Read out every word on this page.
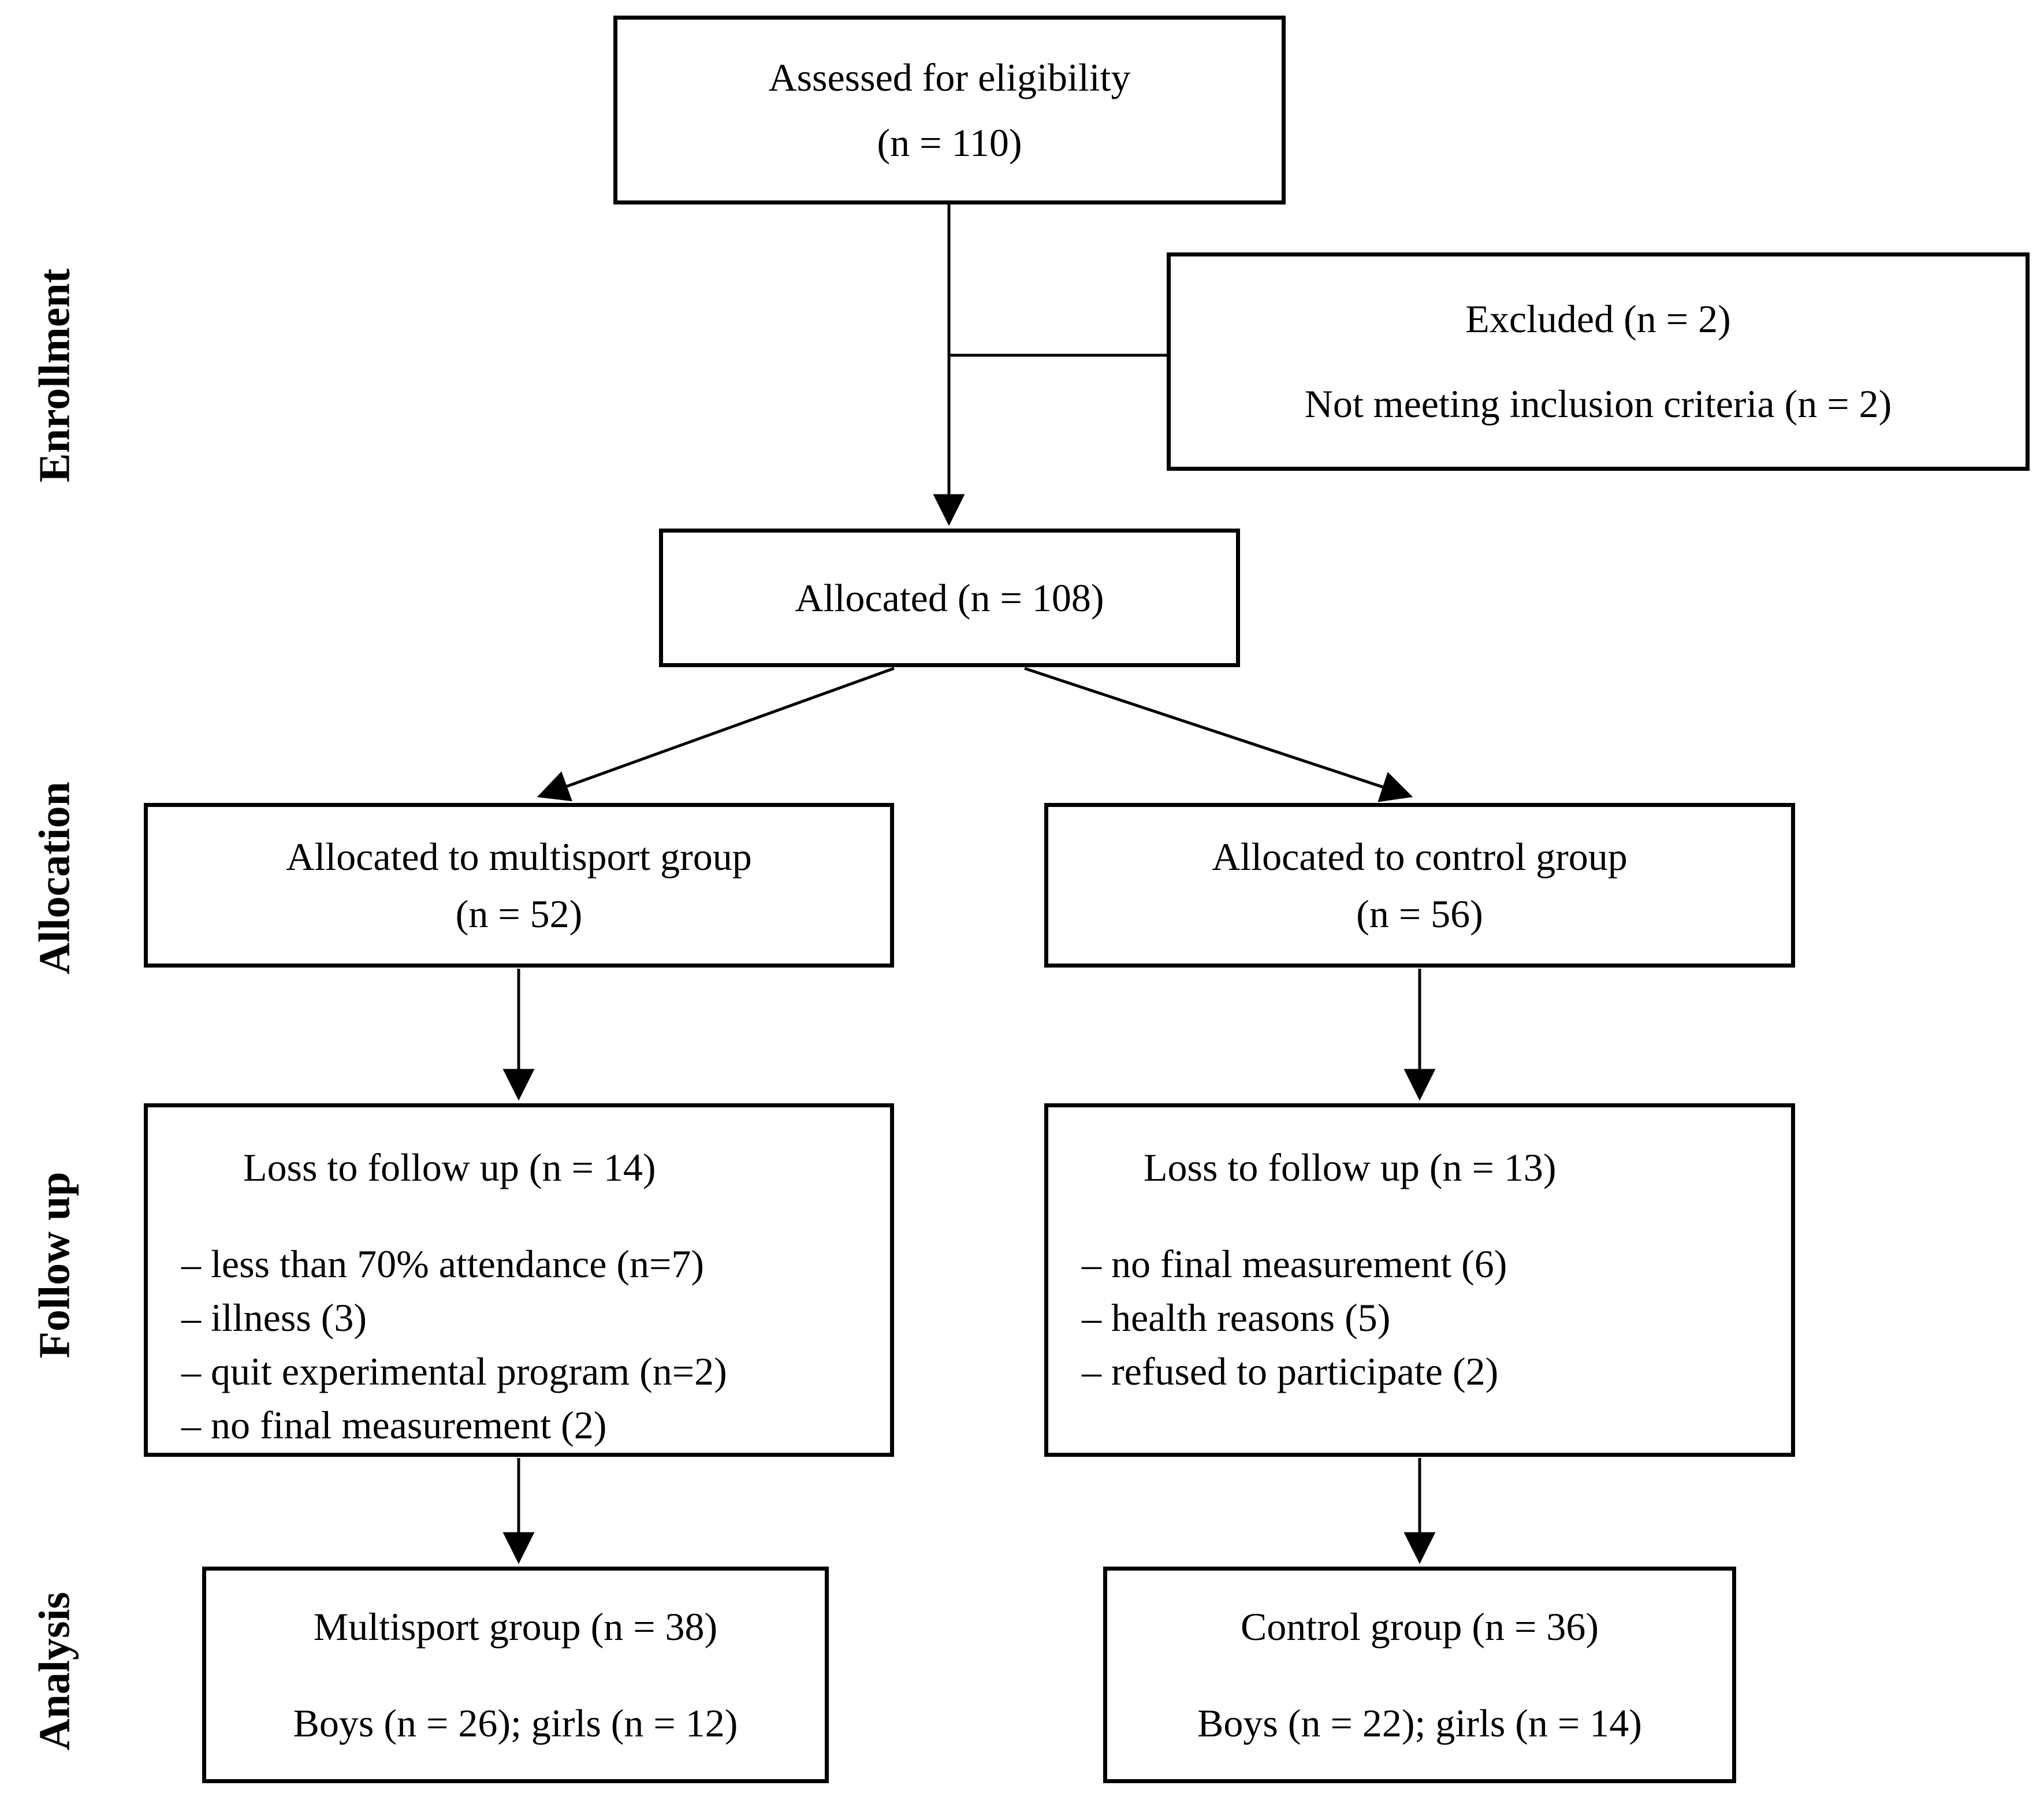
Enrollment
Allocation
Follow up
Analysis
Assessed for eligibility
(n = 110)
Excluded (n = 2)
Not meeting inclusion criteria (n = 2)
Allocated (n = 108)
Allocated to multisport group
(n = 52)
Allocated to control group
(n = 56)
Loss to follow up (n = 14)
– less than 70% attendance (n=7)
– illness (3)
– quit experimental program (n=2)
– no final measurement (2)
Loss to follow up (n = 13)
– no final measurement (6)
– health reasons (5)
– refused to participate (2)
Multisport group (n = 38)
Boys (n = 26); girls (n = 12)
Control group (n = 36)
Boys (n = 22); girls (n = 14)
